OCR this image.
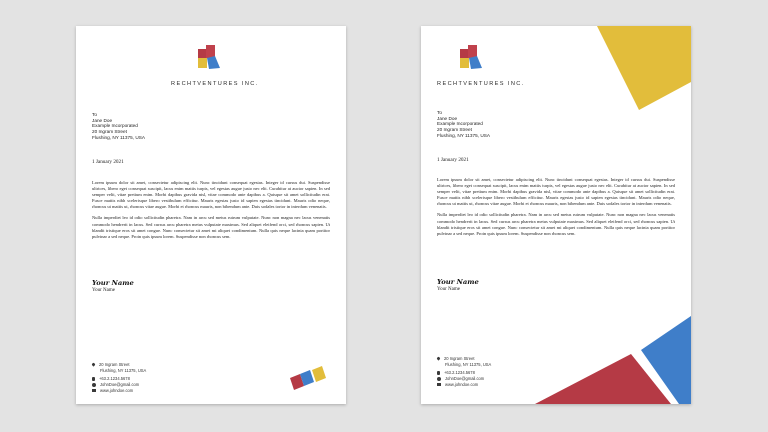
RECHTVENTURES INC.
To
Jane Doe
Example Incorporated
20 Ingram Street
Flushing, NY 11375, USA
1 January 2021

Lorem ipsum dolor sit amet, consectetur adipiscing elit. Nunc tincidunt consequat egestas. Integer id cursus dui. Suspendisse ultrices, libero eget consequat suscipit, lacus enim mattis turpis, vel egestas augue justo nec elit. Curabitur at auctor sapien. In sed semper velit, vitae pretium enim. Morbi dapibus gravida nisl, vitae commodo ante dapibus a. Quisque sit amet sollicitudin erat. Fusce mattis nibh scelerisque libero vestibulum efficitur. Mauris egestas justo id sapien egestas tincidunt. Mauris odio neque, rhoncus ut mattis ut, rhoncus vitae augue. Morbi et rhoncus mauris, non bibendum ante. Duis sodales tortor in interdum venenatis.

Nulla imperdiet leo id odio sollicitudin pharetra. Nam in arcu sed metus rutrum vulputate. Nunc non magna nec lacus venenatis commodo hendrerit in lacus. Sed cursus arcu pharetra metus vulputate maximus. Sed aliquet eleifend orci, sed rhoncus sapien. Ut blandit tristique eros sit amet congue. Nunc consectetur sit amet mi aliquet condimentum. Nulla quis neque lacinia quam portitor pulvinar a sed neque. Proin quis ipsum lorem. Suspendisse non rhoncus sem.

Your Name
Your Name
20 Ingram Street
Flushing, NY 11375, USA
+63.2.1234.5678
JohnDoe@gmail.com
www.johndoe.com
RECHTVENTURES INC.
To
Jane Doe
Example Incorporated
20 Ingram Street
Flushing, NY 11375, USA
1 January 2021

Lorem ipsum dolor sit amet, consectetur adipiscing elit. Nunc tincidunt consequat egestas. Integer id cursus dui. Suspendisse ultrices, libero eget consequat suscipit, lacus enim mattis turpis, vel egestas augue justo nec elit. Curabitur at auctor sapien. In sed semper velit, vitae pretium enim. Morbi dapibus gravida nisl, vitae commodo ante dapibus a. Quisque sit amet sollicitudin erat. Fusce mattis nibh scelerisque libero vestibulum efficitur. Mauris egestas justo id sapien egestas tincidunt. Mauris odio neque, rhoncus ut mattis ut, rhoncus vitae augue. Morbi et rhoncus mauris, non bibendum ante. Duis sodales tortor in interdum venenatis.

Nulla imperdiet leo id odio sollicitudin pharetra. Nam in arcu sed metus rutrum vulputate. Nunc non magna nec lacus venenatis commodo hendrerit in lacus. Sed cursus arcu pharetra metus vulputate maximus. Sed aliquet eleifend orci, sed rhoncus sapien. Ut blandit tristique eros sit amet congue. Nunc consectetur sit amet mi aliquet condimentum. Nulla quis neque lacinia quam portitor pulvinar a sed neque. Proin quis ipsum lorem. Suspendisse non rhoncus sem.

Your Name
Your Name
20 Ingram Street
Flushing, NY 11375, USA
+63.2.1234.5678
JohnDoe@gmail.com
www.johndoe.com
